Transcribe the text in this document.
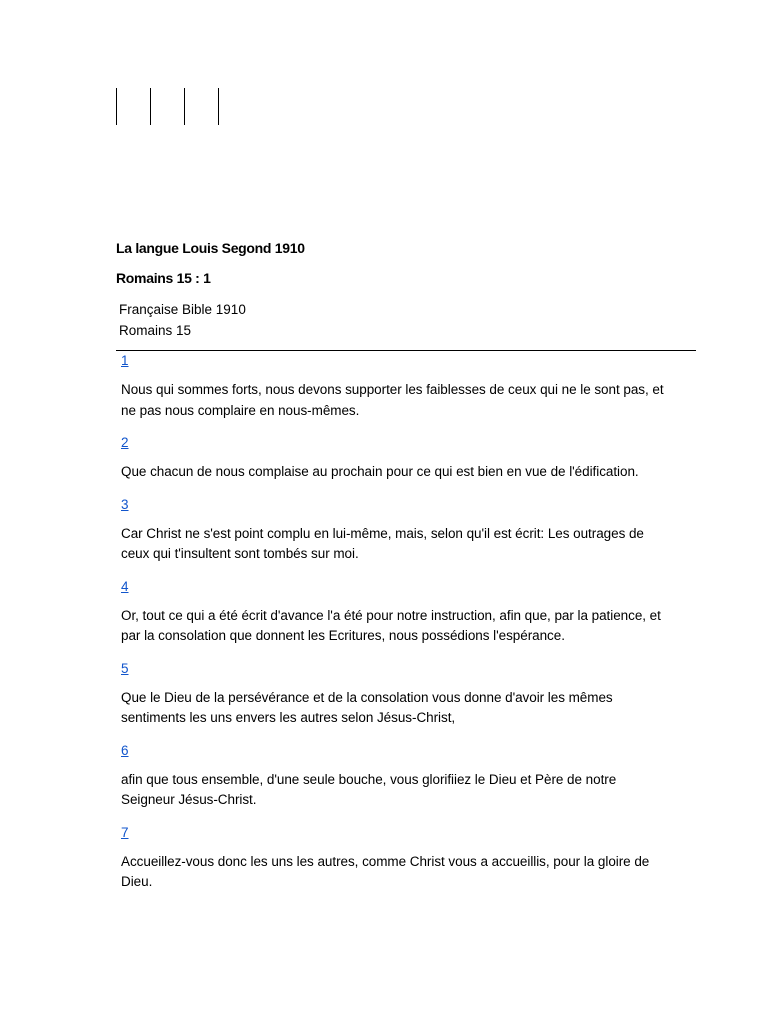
La langue Louis Segond 1910
Romains 15 : 1
Française Bible 1910
Romains 15
1

Nous qui sommes forts, nous devons supporter les faiblesses de ceux qui ne le sont pas, et ne pas nous complaire en nous-mêmes.

2

Que chacun de nous complaise au prochain pour ce qui est bien en vue de l'édification.

3

Car Christ ne s'est point complu en lui-même, mais, selon qu'il est écrit: Les outrages de ceux qui t'insultent sont tombés sur moi.

4

Or, tout ce qui a été écrit d'avance l'a été pour notre instruction, afin que, par la patience, et par la consolation que donnent les Ecritures, nous possédions l'espérance.

5

Que le Dieu de la persévérance et de la consolation vous donne d'avoir les mêmes sentiments les uns envers les autres selon Jésus-Christ,

6

afin que tous ensemble, d'une seule bouche, vous glorifiiez le Dieu et Père de notre Seigneur Jésus-Christ.

7

Accueillez-vous donc les uns les autres, comme Christ vous a accueillis, pour la gloire de Dieu.
